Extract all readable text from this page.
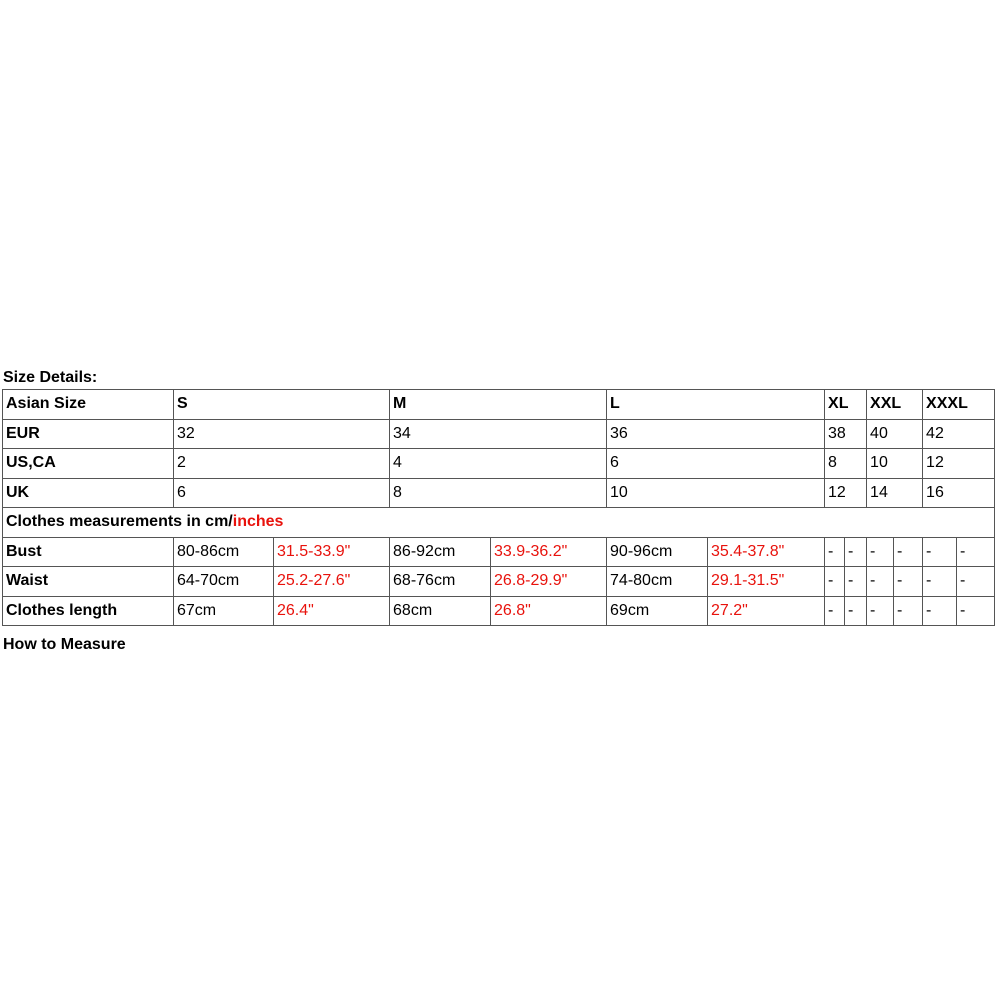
Size Details:
Asian Size	S		M		L		XL		XXL		XXXL	
EUR	32		34		36		38		40		42	
US,CA	2		4		6		8		10		12	
UK	6		8		10		12		14		16	
Clothes measurements in cm/inches												
Bust	80-86cm	31.5-33.9"	86-92cm	33.9-36.2"	90-96cm	35.4-37.8"	-	-	-	-	-	-
Waist	64-70cm	25.2-27.6"	68-76cm	26.8-29.9"	74-80cm	29.1-31.5"	-	-	-	-	-	-
Clothes length	67cm	26.4"	68cm	26.8"	69cm	27.2"	-	-	-	-	-	-
How to Measure
